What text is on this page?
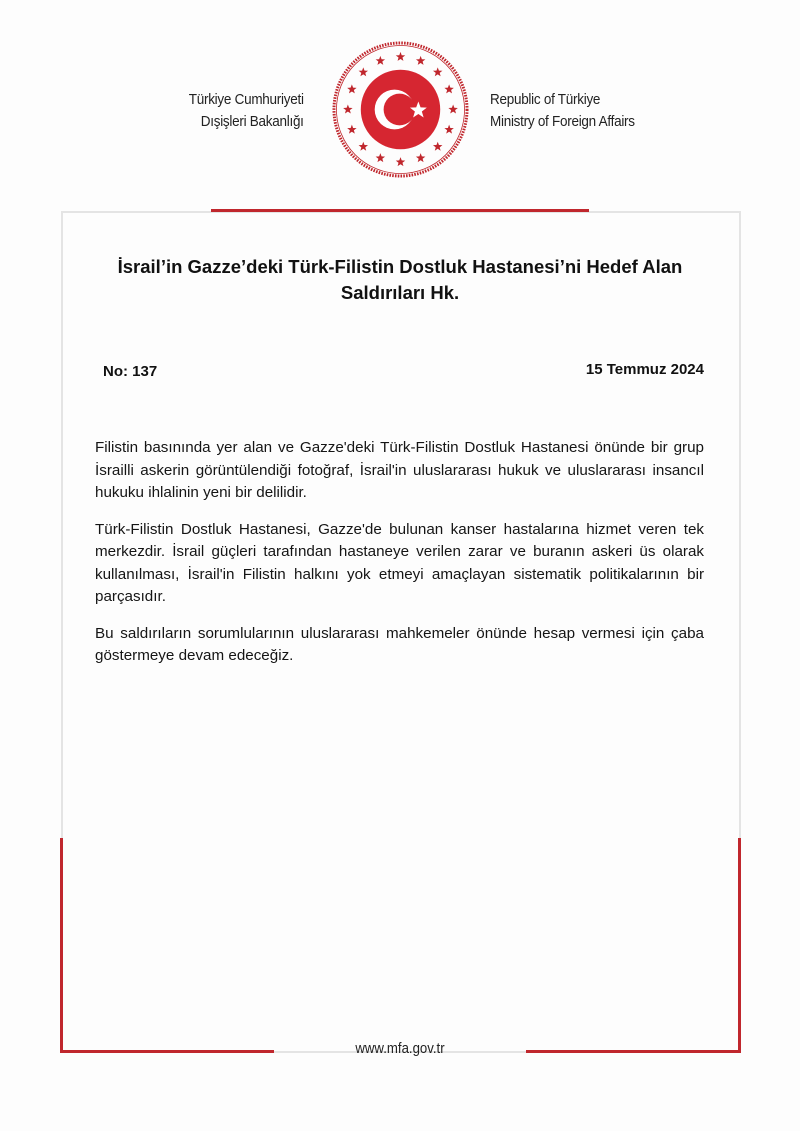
Türkiye Cumhuriyeti
Dışişleri Bakanlığı
Republic of Türkiye
Ministry of Foreign Affairs
İsrail’in Gazze’deki Türk-Filistin Dostluk Hastanesi’ni Hedef Alan
Saldırıları Hk.
No: 137	15 Temmuz 2024

Filistin basınında yer alan ve Gazze'deki Türk-Filistin Dostluk Hastanesi önünde bir grup İsrailli askerin görüntülendiği fotoğraf, İsrail'in uluslararası hukuk ve uluslararası insancıl hukuku ihlalinin yeni bir delilidir.

Türk-Filistin Dostluk Hastanesi, Gazze'de bulunan kanser hastalarına hizmet veren tek merkezdir. İsrail güçleri tarafından hastaneye verilen zarar ve buranın askeri üs olarak kullanılması, İsrail'in Filistin halkını yok etmeyi amaçlayan sistematik politikalarının bir parçasıdır.

Bu saldırıların sorumlularının uluslararası mahkemeler önünde hesap vermesi için çaba göstermeye devam edeceğiz.

www.mfa.gov.tr
